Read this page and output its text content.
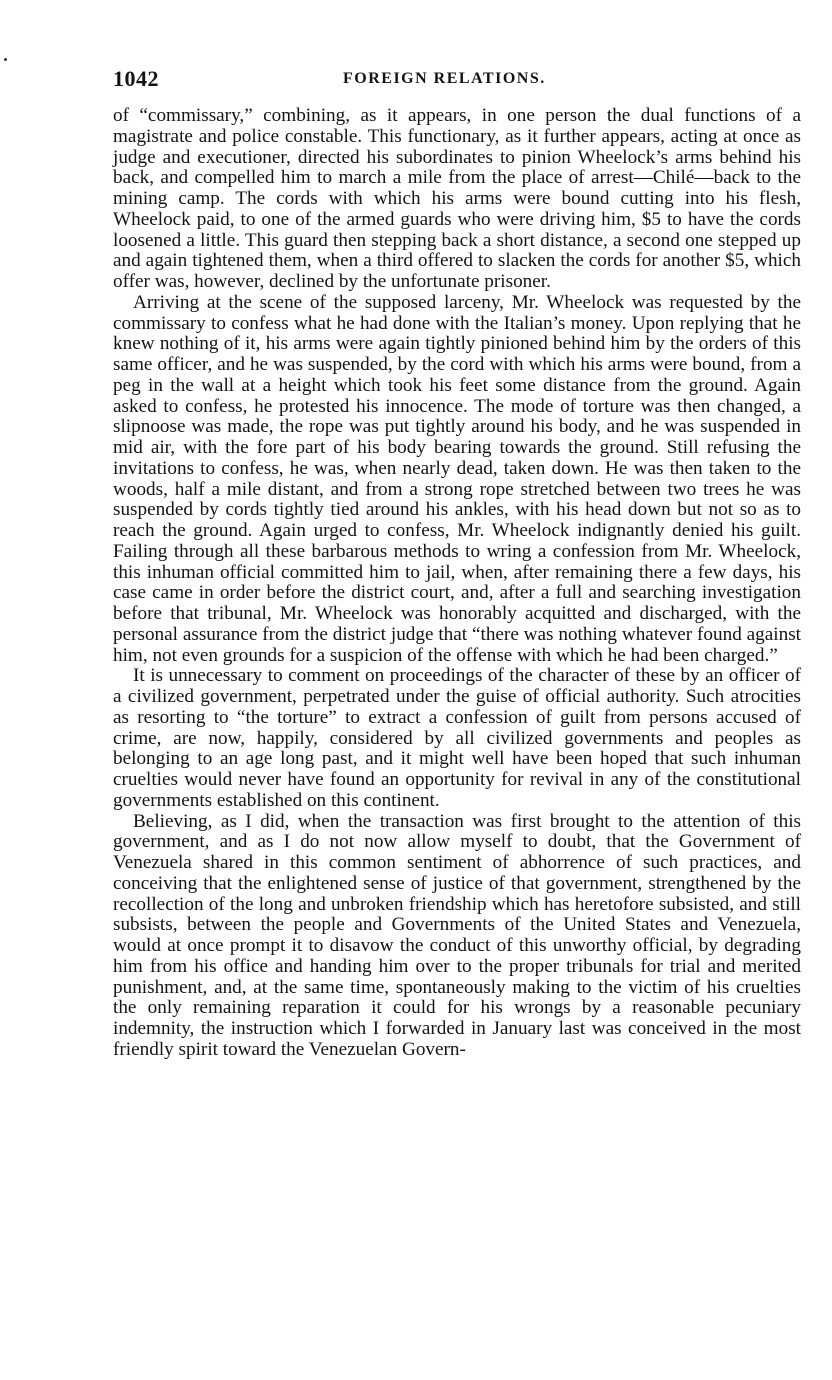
1042	FOREIGN RELATIONS.

of “commissary,” combining, as it appears, in one person the dual functions of a magistrate and police constable. This functionary, as it further appears, acting at once as judge and executioner, directed his subordinates to pinion Wheelock’s arms behind his back, and compelled him to march a mile from the place of arrest—Chilé—back to the mining camp. The cords with which his arms were bound cutting into his flesh, Wheelock paid, to one of the armed guards who were driving him, $5 to have the cords loosened a little. This guard then stepping back a short distance, a second one stepped up and again tightened them, when a third offered to slacken the cords for another $5, which offer was, however, declined by the unfortunate prisoner.

Arriving at the scene of the supposed larceny, Mr. Wheelock was requested by the commissary to confess what he had done with the Italian’s money. Upon replying that he knew nothing of it, his arms were again tightly pinioned behind him by the orders of this same officer, and he was suspended, by the cord with which his arms were bound, from a peg in the wall at a height which took his feet some distance from the ground. Again asked to confess, he protested his innocence. The mode of torture was then changed, a slipnoose was made, the rope was put tightly around his body, and he was suspended in mid air, with the fore part of his body bearing towards the ground. Still refusing the invitations to confess, he was, when nearly dead, taken down. He was then taken to the woods, half a mile distant, and from a strong rope stretched between two trees he was suspended by cords tightly tied around his ankles, with his head down but not so as to reach the ground. Again urged to confess, Mr. Wheelock indignantly denied his guilt. Failing through all these barbarous methods to wring a confession from Mr. Wheelock, this inhuman official committed him to jail, when, after remaining there a few days, his case came in order before the district court, and, after a full and searching investigation before that tribunal, Mr. Wheelock was honorably acquitted and discharged, with the personal assurance from the district judge that “there was nothing whatever found against him, not even grounds for a suspicion of the offense with which he had been charged.”

It is unnecessary to comment on proceedings of the character of these by an officer of a civilized government, perpetrated under the guise of official authority. Such atrocities as resorting to “the torture” to extract a confession of guilt from persons accused of crime, are now, happily, considered by all civilized governments and peoples as belonging to an age long past, and it might well have been hoped that such inhuman cruelties would never have found an opportunity for revival in any of the constitutional governments established on this continent.

Believing, as I did, when the transaction was first brought to the attention of this government, and as I do not now allow myself to doubt, that the Government of Venezuela shared in this common sentiment of abhorrence of such practices, and conceiving that the enlightened sense of justice of that government, strengthened by the recollection of the long and unbroken friendship which has heretofore subsisted, and still subsists, between the people and Governments of the United States and Venezuela, would at once prompt it to disavow the conduct of this unworthy official, by degrading him from his office and handing him over to the proper tribunals for trial and merited punishment, and, at the same time, spontaneously making to the victim of his cruelties the only remaining reparation it could for his wrongs by a reasonable pecuniary indemnity, the instruction which I forwarded in January last was conceived in the most friendly spirit toward the Venezuelan Govern-
